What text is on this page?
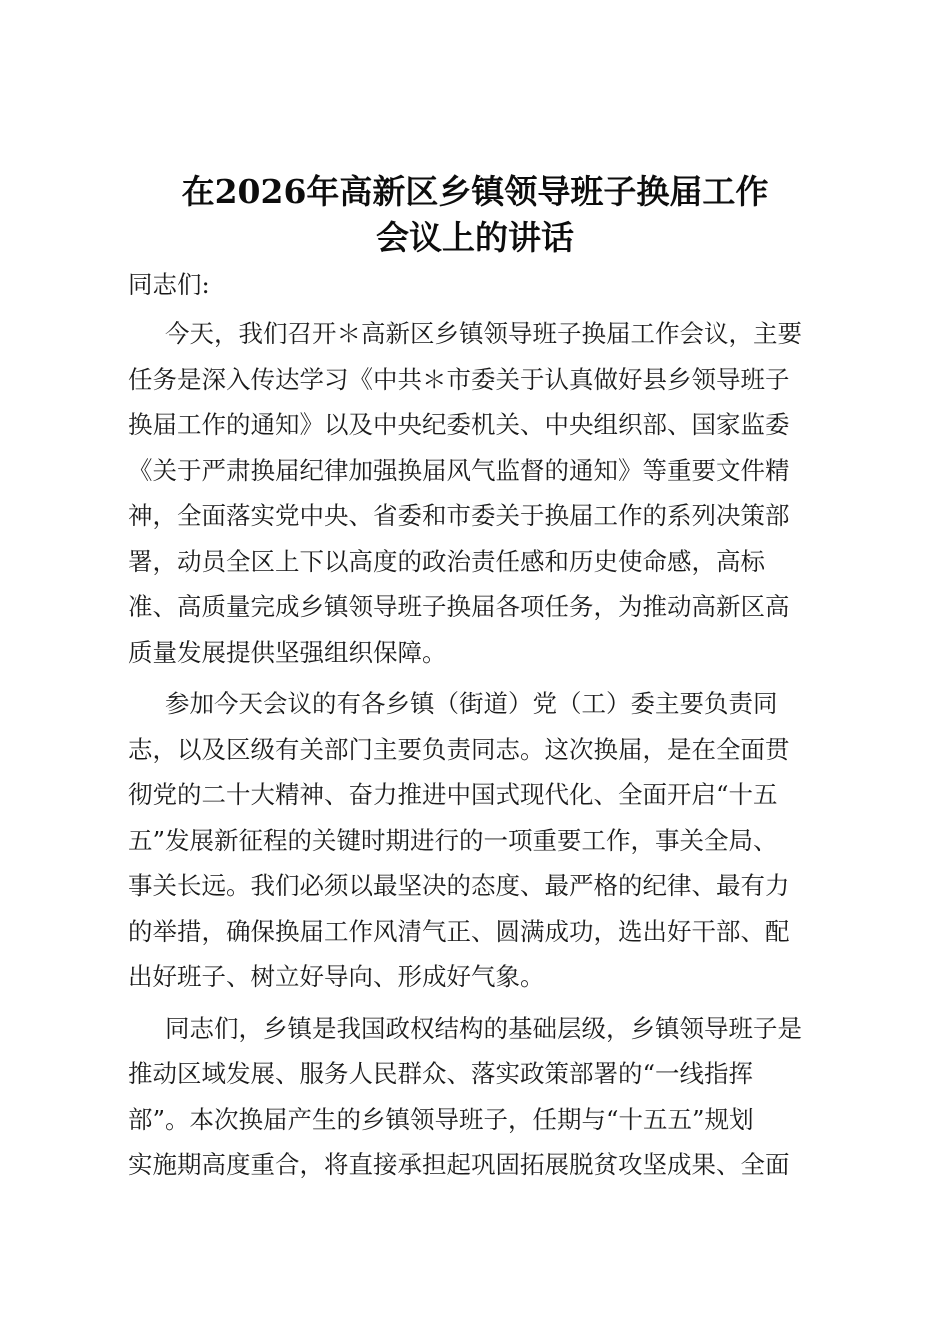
在2026年高新区乡镇领导班子换届工作
会议上的讲话
同志们:
今天，我们召开＊高新区乡镇领导班子换届工作会议，主要
任务是深入传达学习《中共＊市委关于认真做好县乡领导班子
换届工作的通知》以及中央纪委机关、中央组织部、国家监委
《关于严肃换届纪律加强换届风气监督的通知》等重要文件精
神，全面落实党中央、省委和市委关于换届工作的系列决策部
署，动员全区上下以高度的政治责任感和历史使命感，高标
准、高质量完成乡镇领导班子换届各项任务，为推动高新区高
质量发展提供坚强组织保障。
参加今天会议的有各乡镇（街道）党（工）委主要负责同
志，以及区级有关部门主要负责同志。这次换届，是在全面贯
彻党的二十大精神、奋力推进中国式现代化、全面开启“十五
五”发展新征程的关键时期进行的一项重要工作，事关全局、
事关长远。我们必须以最坚决的态度、最严格的纪律、最有力
的举措，确保换届工作风清气正、圆满成功，选出好干部、配
出好班子、树立好导向、形成好气象。
同志们，乡镇是我国政权结构的基础层级，乡镇领导班子是
推动区域发展、服务人民群众、落实政策部署的“一线指挥
部”。本次换届产生的乡镇领导班子，任期与“十五五”规划
实施期高度重合，将直接承担起巩固拓展脱贫攻坚成果、全面
